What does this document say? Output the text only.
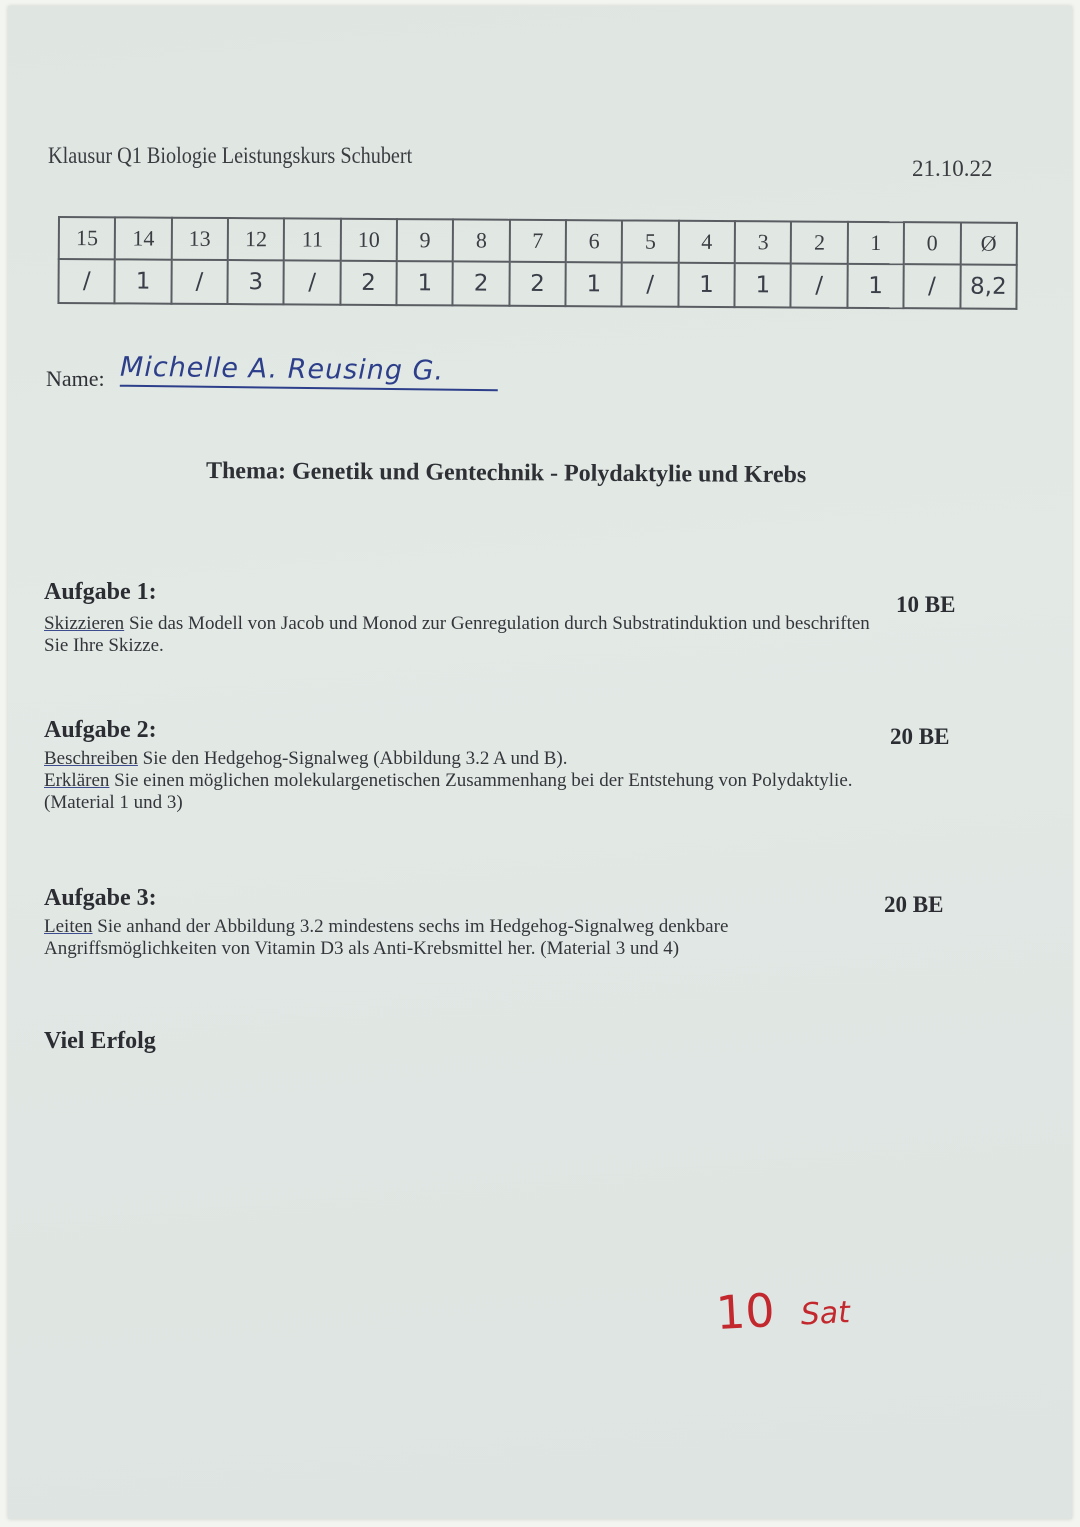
Klausur Q1 Biologie Leistungskurs Schubert
21.10.22
15	14	13	12	11	10	9	8	7	6	5	4	3	2	1	0	Ø
/	1	/	3	/	2	1	2	2	1	/	1	1	/	1	/	8,2
Name: Michelle A. Reusing G.
Thema: Genetik und Gentechnik - Polydaktylie und Krebs
Aufgabe 1:	10 BE
Skizzieren Sie das Modell von Jacob und Monod zur Genregulation durch Substratinduktion und beschriften
Sie Ihre Skizze.
Aufgabe 2:	20 BE
Beschreiben Sie den Hedgehog-Signalweg (Abbildung 3.2 A und B).
Erklären Sie einen möglichen molekulargenetischen Zusammenhang bei der Entstehung von Polydaktylie.
(Material 1 und 3)
Aufgabe 3:	20 BE
Leiten Sie anhand der Abbildung 3.2 mindestens sechs im Hedgehog-Signalweg denkbare
Angriffsmöglichkeiten von Vitamin D3 als Anti-Krebsmittel her. (Material 3 und 4)
Viel Erfolg
10 Sat
